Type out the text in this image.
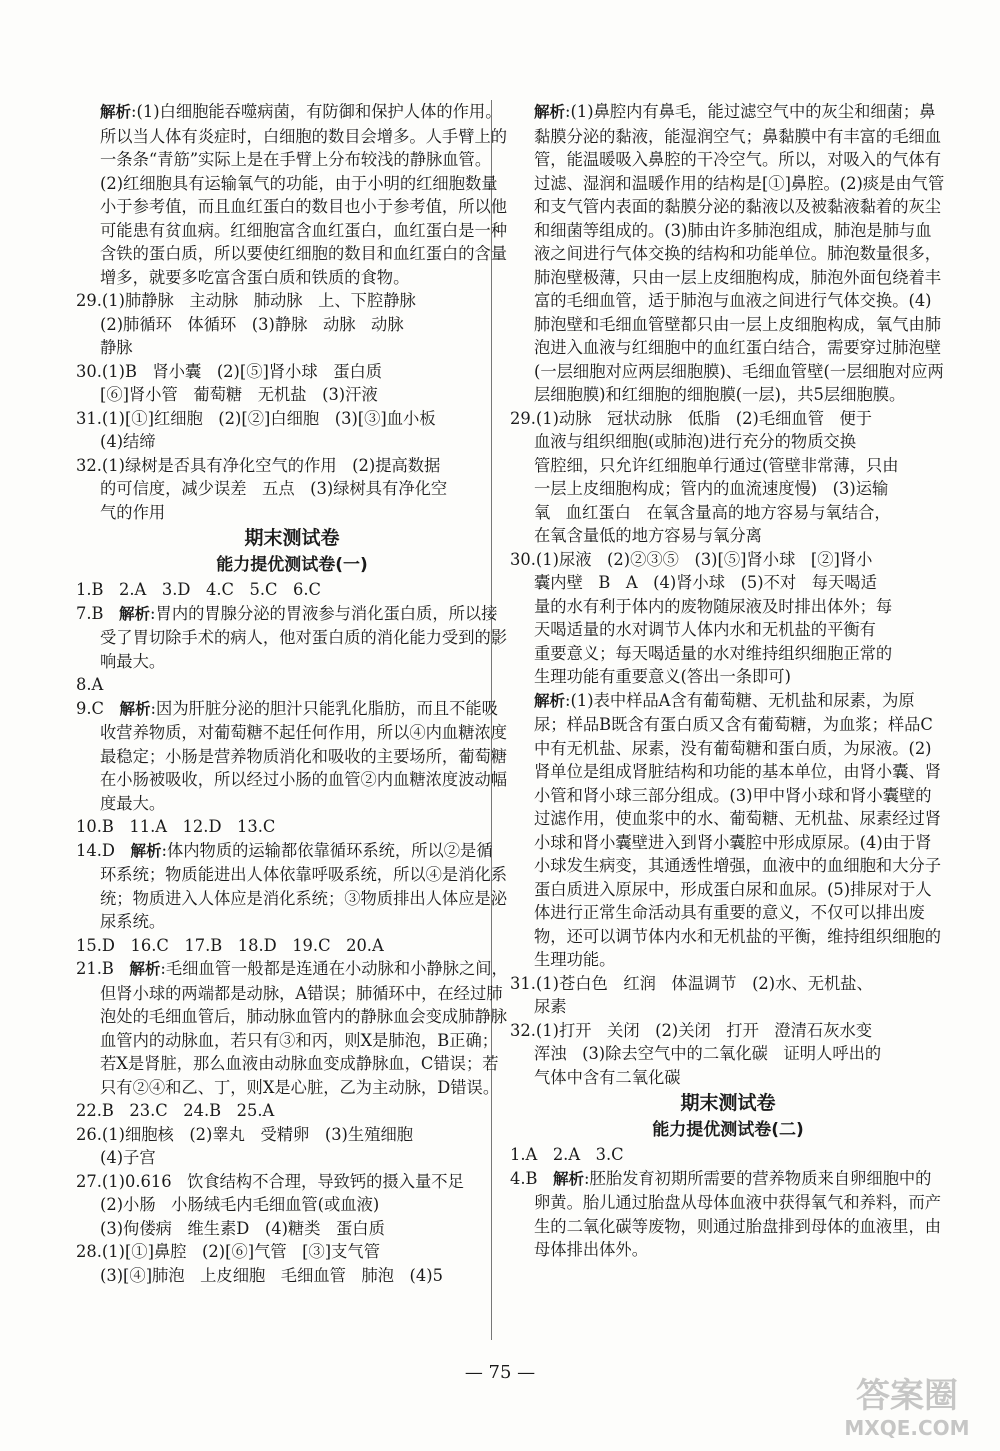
解析:(1)白细胞能吞噬病菌，有防御和保护人体的作用。所以当人体有炎症时，白细胞的数目会增多。人手臂上的一条条“青筋”实际上是在手臂上分布较浅的静脉血管。(2)红细胞具有运输氧气的功能，由于小明的红细胞数量小于参考值，而且血红蛋白的数目也小于参考值，所以他可能患有贫血病。红细胞富含血红蛋白，血红蛋白是一种含铁的蛋白质，所以要使红细胞的数目和血红蛋白的含量增多，就要多吃富含蛋白质和铁质的食物。

29.(1)肺静脉   主动脉   肺动脉   上、下腔静脉

(2)肺循环   体循环   (3)静脉   动脉   动脉

静脉

30.(1)B   肾小囊   (2)[⑤]肾小球   蛋白质

[⑥]肾小管   葡萄糖   无机盐   (3)汗液

31.(1)[①]红细胞   (2)[②]白细胞   (3)[③]血小板

(4)结缔

32.(1)绿树是否具有净化空气的作用   (2)提高数据

的可信度，减少误差   五点   (3)绿树具有净化空

气的作用

期末测试卷

能力提优测试卷(一)

1.B   2.A   3.D   4.C   5.C   6.C

7.B   解析:胃内的胃腺分泌的胃液参与消化蛋白质，所以接受了胃切除手术的病人，他对蛋白质的消化能力受到的影响最大。

8.A

9.C   解析:因为肝脏分泌的胆汁只能乳化脂肪，而且不能吸收营养物质，对葡萄糖不起任何作用，所以④内血糖浓度最稳定；小肠是营养物质消化和吸收的主要场所，葡萄糖在小肠被吸收，所以经过小肠的血管②内血糖浓度波动幅度最大。

10.B   11.A   12.D   13.C

14.D   解析:体内物质的运输都依靠循环系统，所以②是循环系统；物质能进出人体依靠呼吸系统，所以④是消化系统；物质进入人体应是消化系统；③物质排出人体应是泌尿系统。

15.D   16.C   17.B   18.D   19.C   20.A

21.B   解析:毛细血管一般都是连通在小动脉和小静脉之间，但肾小球的两端都是动脉，A错误；肺循环中，在经过肺泡处的毛细血管后，肺动脉血管内的静脉血会变成肺静脉血管内的动脉血，若只有③和丙，则X是肺泡，B正确；若X是肾脏，那么血液由动脉血变成静脉血，C错误；若只有②④和乙、丁，则X是心脏，乙为主动脉，D错误。

22.B   23.C   24.B   25.A

26.(1)细胞核   (2)睾丸   受精卵   (3)生殖细胞

(4)子宫

27.(1)0.616   饮食结构不合理，导致钙的摄入量不足

(2)小肠   小肠绒毛内毛细血管(或血液)

(3)佝偻病   维生素D   (4)糖类   蛋白质

28.(1)[①]鼻腔   (2)[⑥]气管   [③]支气管

(3)[④]肺泡   上皮细胞   毛细血管   肺泡   (4)5

解析:(1)鼻腔内有鼻毛，能过滤空气中的灰尘和细菌；鼻黏膜分泌的黏液，能湿润空气；鼻黏膜中有丰富的毛细血管，能温暖吸入鼻腔的干冷空气。所以，对吸入的气体有过滤、湿润和温暖作用的结构是[①]鼻腔。(2)痰是由气管和支气管内表面的黏膜分泌的黏液以及被黏液黏着的灰尘和细菌等组成的。(3)肺由许多肺泡组成，肺泡是肺与血液之间进行气体交换的结构和功能单位。肺泡数量很多，肺泡壁极薄，只由一层上皮细胞构成，肺泡外面包绕着丰富的毛细血管，适于肺泡与血液之间进行气体交换。(4)肺泡壁和毛细血管壁都只由一层上皮细胞构成，氧气由肺泡进入血液与红细胞中的血红蛋白结合，需要穿过肺泡壁(一层细胞对应两层细胞膜)、毛细血管壁(一层细胞对应两层细胞膜)和红细胞的细胞膜(一层)，共5层细胞膜。

29.(1)动脉   冠状动脉   低脂   (2)毛细血管   便于

血液与组织细胞(或肺泡)进行充分的物质交换

管腔细，只允许红细胞单行通过(管壁非常薄，只由

一层上皮细胞构成；管内的血流速度慢)   (3)运输

氧   血红蛋白   在氧含量高的地方容易与氧结合，

在氧含量低的地方容易与氧分离

30.(1)尿液   (2)②③⑤   (3)[⑤]肾小球   [②]肾小

囊内壁   B   A   (4)肾小球   (5)不对   每天喝适

量的水有利于体内的废物随尿液及时排出体外；每

天喝适量的水对调节人体内水和无机盐的平衡有

重要意义；每天喝适量的水对维持组织细胞正常的

生理功能有重要意义(答出一条即可)

解析:(1)表中样品A含有葡萄糖、无机盐和尿素，为原尿；样品B既含有蛋白质又含有葡萄糖，为血浆；样品C中有无机盐、尿素，没有葡萄糖和蛋白质，为尿液。(2)肾单位是组成肾脏结构和功能的基本单位，由肾小囊、肾小管和肾小球三部分组成。(3)甲中肾小球和肾小囊壁的过滤作用，使血浆中的水、葡萄糖、无机盐、尿素经过肾小球和肾小囊壁进入到肾小囊腔中形成原尿。(4)由于肾小球发生病变，其通透性增强，血液中的血细胞和大分子蛋白质进入原尿中，形成蛋白尿和血尿。(5)排尿对于人体进行正常生命活动具有重要的意义，不仅可以排出废物，还可以调节体内水和无机盐的平衡，维持组织细胞的生理功能。

31.(1)苍白色   红润   体温调节   (2)水、无机盐、

尿素

32.(1)打开   关闭   (2)关闭   打开   澄清石灰水变

浑浊   (3)除去空气中的二氧化碳   证明人呼出的

气体中含有二氧化碳

期末测试卷

能力提优测试卷(二)

1.A   2.A   3.C

4.B   解析:胚胎发育初期所需要的营养物质来自卵细胞中的卵黄。胎儿通过胎盘从母体血液中获得氧气和养料，而产生的二氧化碳等废物，则通过胎盘排到母体的血液里，由母体排出体外。

— 75 —
答案圈
MXQE.COM
